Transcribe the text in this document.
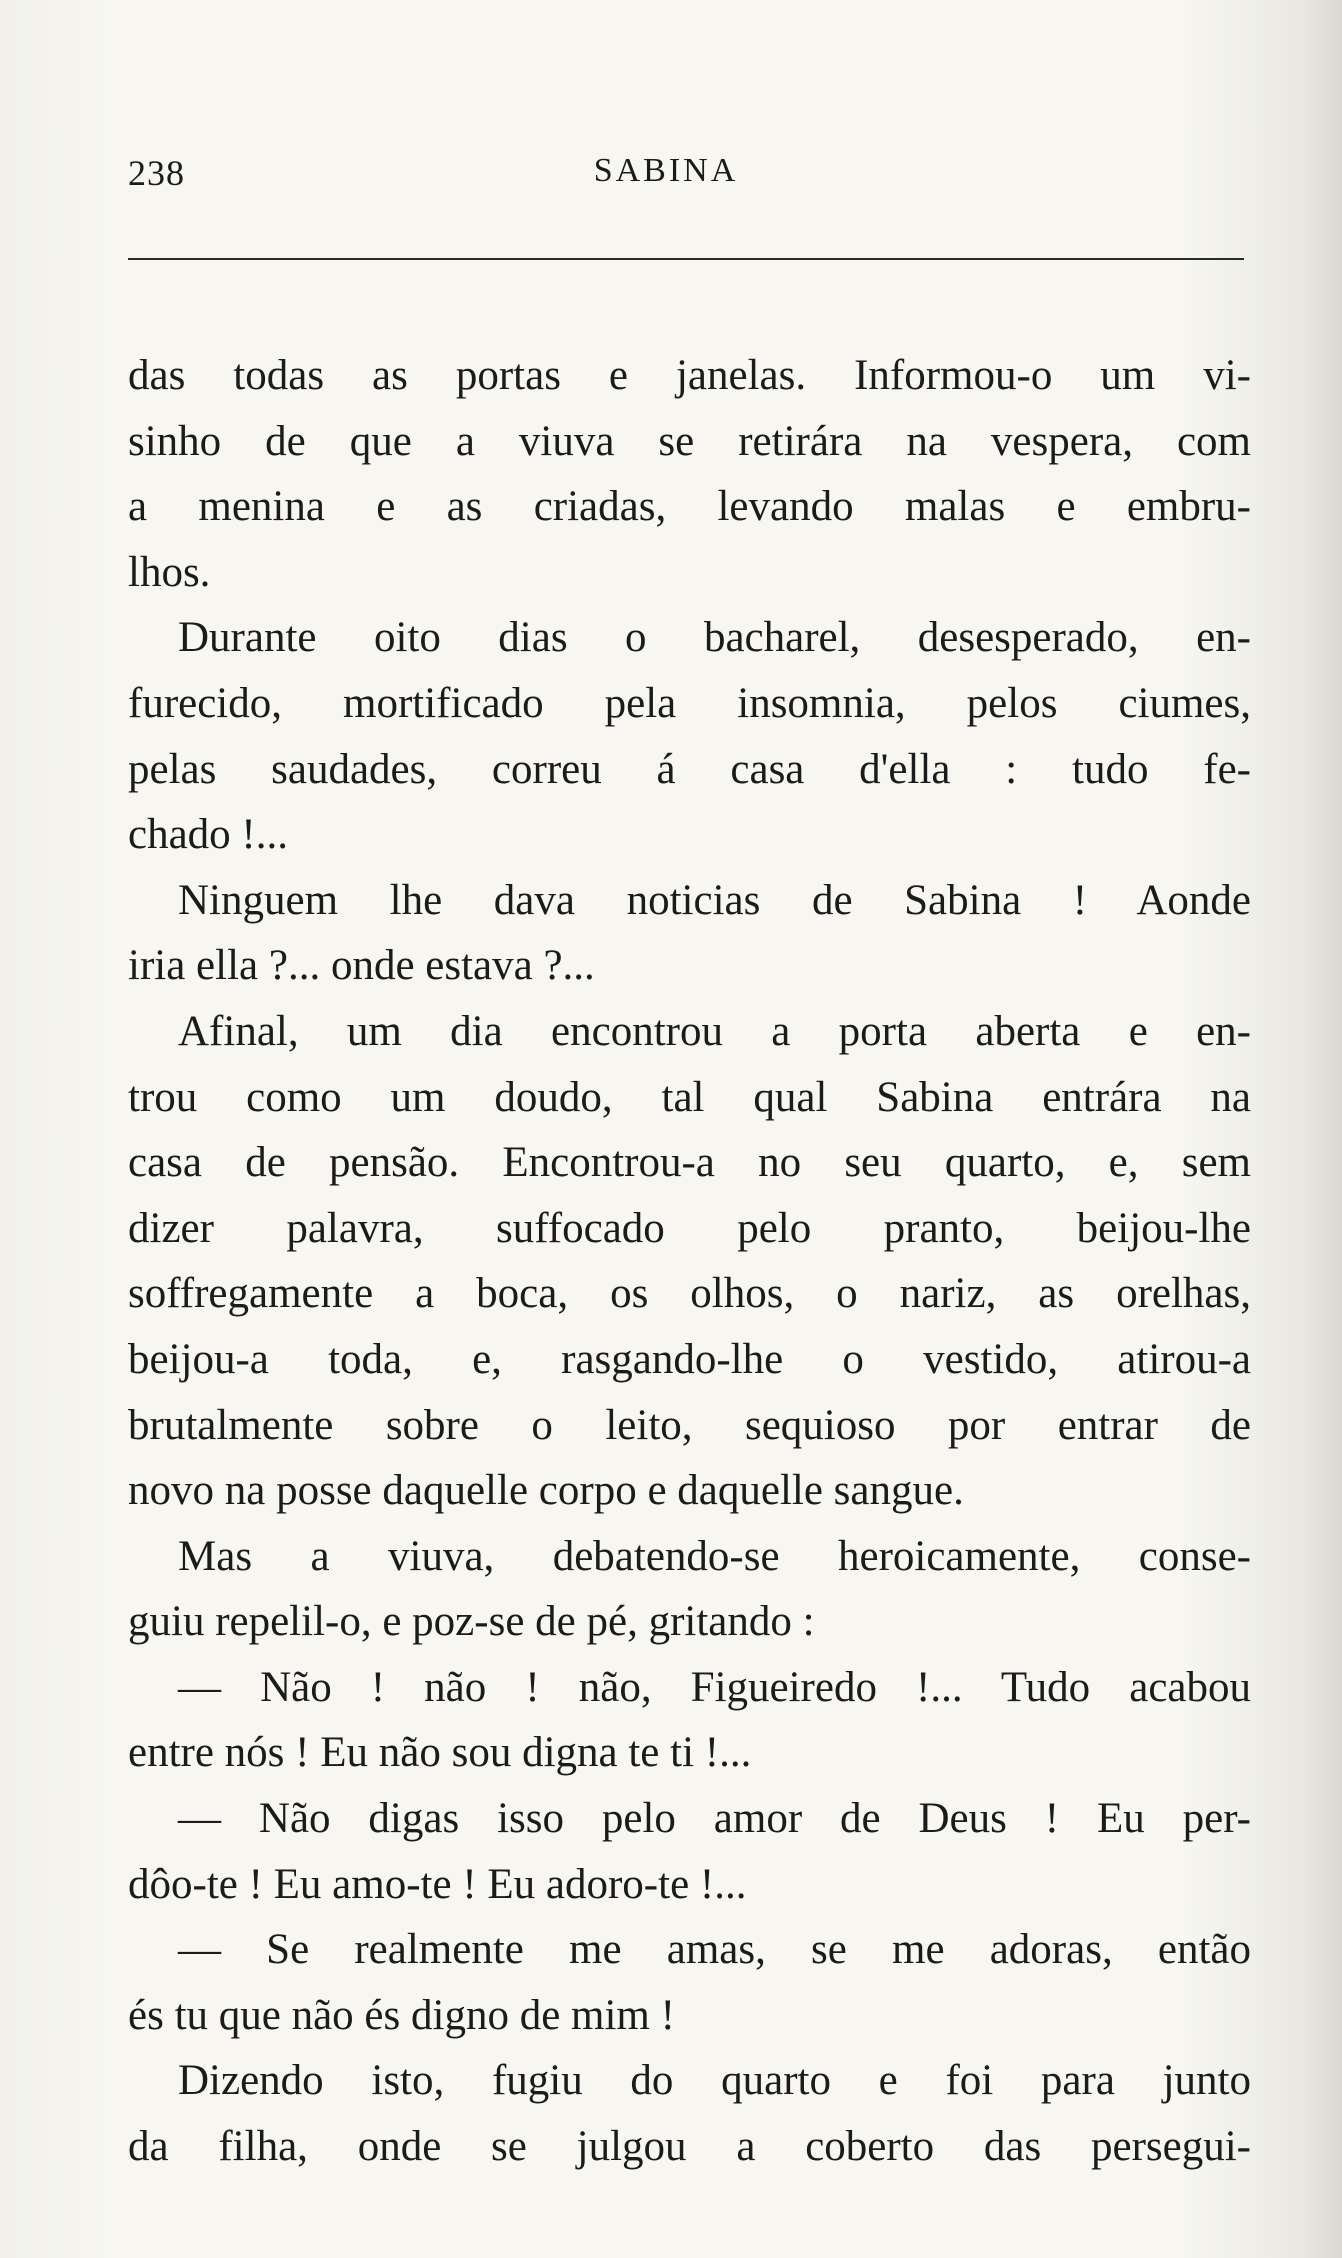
238	SABINA
das todas as portas e janelas. Informou-o um vi-
sinho de que a viuva se retirára na vespera, com
a menina e as criadas, levando malas e embru-
lhos.
Durante oito dias o bacharel, desesperado, en-
furecido, mortificado pela insomnia, pelos ciumes,
pelas saudades, correu á casa d'ella : tudo fe-
chado !...
Ninguem lhe dava noticias de Sabina ! Aonde
iria ella ?... onde estava ?...
Afinal, um dia encontrou a porta aberta e en-
trou como um doudo, tal qual Sabina entrára na
casa de pensão. Encontrou-a no seu quarto, e, sem
dizer palavra, suffocado pelo pranto, beijou-lhe
soffregamente a boca, os olhos, o nariz, as orelhas,
beijou-a toda, e, rasgando-lhe o vestido, atirou-a
brutalmente sobre o leito, sequioso por entrar de
novo na posse daquelle corpo e daquelle sangue.
Mas a viuva, debatendo-se heroicamente, conse-
guiu repelil-o, e poz-se de pé, gritando :
— Não ! não ! não, Figueiredo !... Tudo acabou
entre nós ! Eu não sou digna te ti !...
— Não digas isso pelo amor de Deus ! Eu per-
dôo-te ! Eu amo-te ! Eu adoro-te !...
— Se realmente me amas, se me adoras, então
és tu que não és digno de mim !
Dizendo isto, fugiu do quarto e foi para junto
da filha, onde se julgou a coberto das persegui-
